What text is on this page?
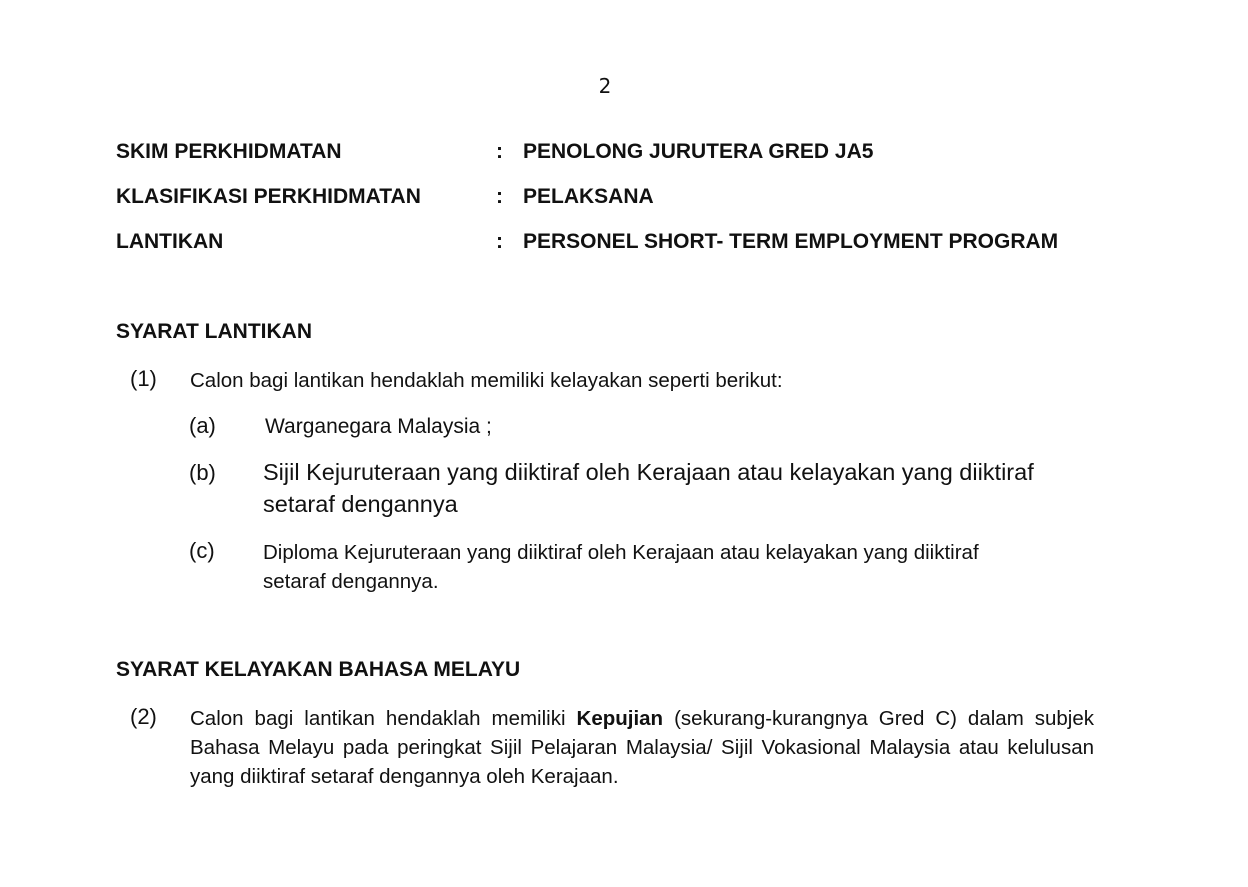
2
SKIM PERKHIDMATAN	: PENOLONG JURUTERA GRED JA5
KLASIFIKASI PERKHIDMATAN	: PELAKSANA
LANTIKAN	: PERSONEL SHORT- TERM EMPLOYMENT PROGRAM
SYARAT LANTIKAN
(1) Calon bagi lantikan hendaklah memiliki kelayakan seperti berikut:
(a) Warganegara Malaysia ;
(b) Sijil Kejuruteraan yang diiktiraf oleh Kerajaan atau kelayakan yang diiktiraf
setaraf dengannya
(c) Diploma Kejuruteraan yang diiktiraf oleh Kerajaan atau kelayakan yang diiktiraf
setaraf dengannya.
SYARAT KELAYAKAN BAHASA MELAYU
(2) Calon bagi lantikan hendaklah memiliki Kepujian (sekurang-kurangnya Gred C) dalam subjek Bahasa Melayu pada peringkat Sijil Pelajaran Malaysia/ Sijil Vokasional Malaysia atau kelulusan yang diiktiraf setaraf dengannya oleh Kerajaan.
